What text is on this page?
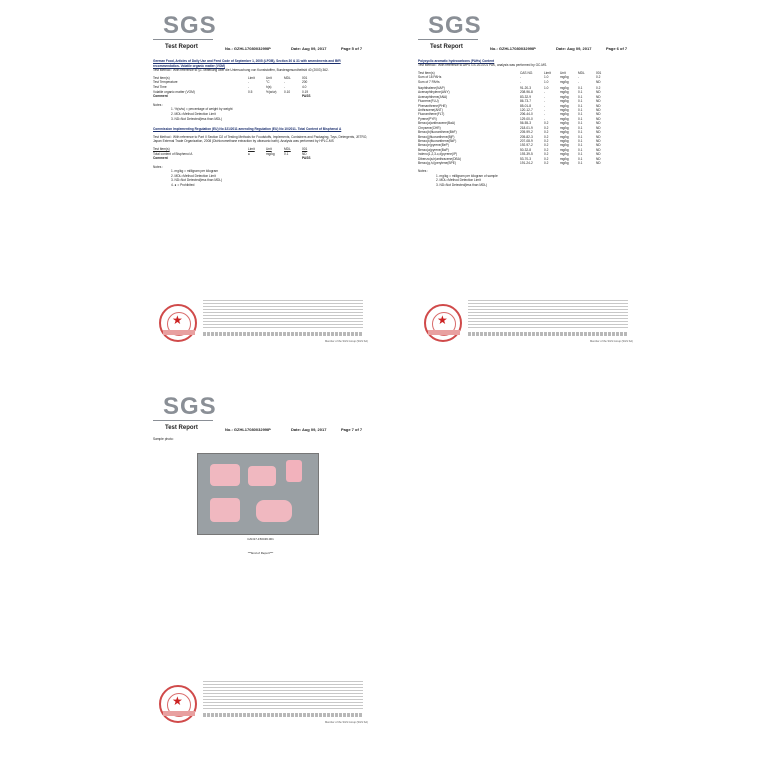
SGS
Test Report	No.: GZHL1708003299IP	Date: Aug 09, 2017	Page 5 of 7
German Food, Articles of Daily Use and Feed Code of September 1, 2005 (LFGB), Section 30 & 31 with amendments and BfR recommendation- Volatile organic matter (VOM)
Test Method : With reference to §1. Mitteilung über die Untersuchung von Kunststoffen, Bundesgesundheitsbl 40 (2003) 362.
Test Item(s)	Limit	Unit	MDL	001
Test Temperature	-	°C	-	200
Test Time	-	h(s)	-	4.0
Volatile organic matter (VOM)	0.5	%(w/w)	0.10	0.19
Comment	PASS
Notes :
1. %(w/w) = percentage of weight by weight
2. MDL=Method Detection Limit
3. ND=Not Detected(less than MDL)
Commission Implementing Regulation (EU) No 321/2011 amending Regulation (EU) No 10/2011- Total Content of Bisphenol A
Test Method : With reference to Part II Section D2 of Testing Methods for Foodstuffs, Implements, Containers and Packaging, Toys, Detergents, JETRO, Japan External Trade Organization, 2008 (Dichloromethane extraction by ultrasonic bath). Analysis was performed by HPLC-MS
Test Item(s)	Limit	Unit	MDL	001
Total content of Bisphenol A	●	mg/kg	0.1	ND
Comment	PASS
Notes :
1. mg/kg = milligram per kilogram
2. MDL=Method Detection Limit
3. ND=Not Detected(less than MDL)
4. ● = Prohibited
★
Member of the SGS Group (SGS SA)
SGS
Test Report	No.: GZHL1708003299IP	Date: Aug 09, 2017	Page 6 of 7
Polycyclic aromatic hydrocarbons (PAHs) Content
Test Method : With reference to AfPS GS 2014:01 PAK, analysis was performed by GC-MS.
Test Item(s)	CAS NO.	Limit	Unit	MDL	001
Sum of 18 PAHs	-	1.0	mg/kg	-	0.2
Sum of 7 PAHs	-	1.0	mg/kg	-	ND
Naphthalene(NAP)	91-20-3	1.0	mg/kg	0.1	0.2
Acenaphthylene(ANY)	208-96-8	-	mg/kg	0.1	ND
Acenaphthene(ANA)	83-32-9	-	mg/kg	0.1	ND
Fluorene(FLU)	86-73-7	-	mg/kg	0.1	ND
Phenanthrene(PHE)	85-01-8	-	mg/kg	0.1	ND
Anthracene(ANT)	120-12-7	-	mg/kg	0.1	ND
Fluoranthene(FLT)	206-44-0	-	mg/kg	0.1	ND
Pyrene(PYR)	129-00-0	-	mg/kg	0.1	ND
Benzo(a)anthracene(BaA)	56-55-3	0.2	mg/kg	0.1	ND
Chrysene(CHR)	218-01-9	0.2	mg/kg	0.1	ND
Benzo(b)fluoranthene(BbF)	205-99-2	0.2	mg/kg	0.1	ND
Benzo(j)fluoranthene(BjF)	205-82-3	0.2	mg/kg	0.1	ND
Benzo(k)fluoranthene(BkF)	207-08-9	0.2	mg/kg	0.1	ND
Benzo(e)pyrene(BeP)	192-97-2	0.2	mg/kg	0.1	ND
Benzo(a)pyrene(BaP)	50-32-8	0.2	mg/kg	0.1	ND
Indeno(1,2,3-c,d)pyrene(IP)	193-39-5	0.2	mg/kg	0.1	ND
Dibenzo(a,h)anthracene(DBA)	53-70-3	0.2	mg/kg	0.1	ND
Benzo(g,h,i)perylene(BPE)	191-24-2	0.2	mg/kg	0.1	ND
Notes :
1. mg/kg = milligram per kilogram of sample
2. MDL=Method Detection Limit
3. ND=Not Detected(less than MDL)
★
Member of the SGS Group (SGS SA)
SGS
Test Report	No.: GZHL1708003299IP	Date: Aug 09, 2017	Page 7 of 7
Sample photo:
CAN17-150436.001
***End of Report***
★
Member of the SGS Group (SGS SA)
